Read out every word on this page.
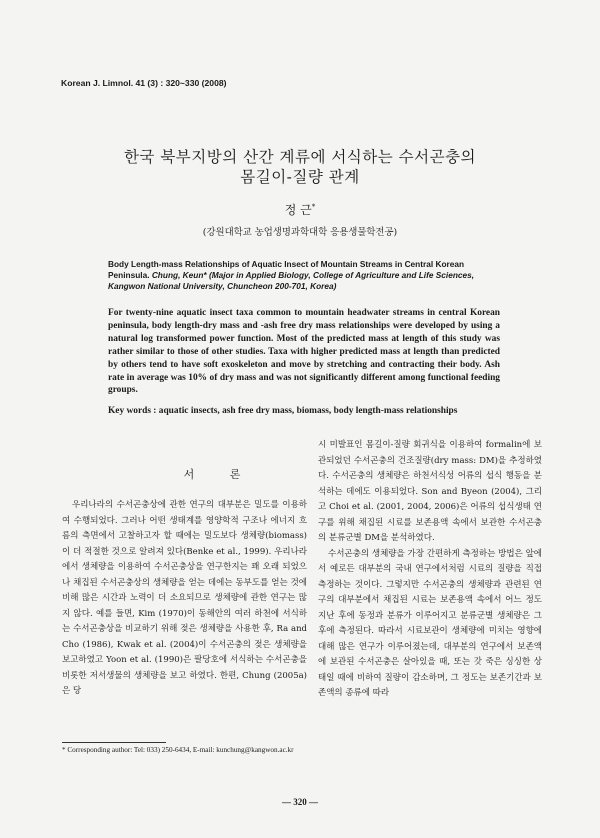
Korean J. Limnol. 41 (3) : 320~330 (2008)
한국 북부지방의 산간 계류에 서식하는 수서곤충의
몸길이-질량 관계
정 근*
(강원대학교 농업생명과학대학 응용생물학전공)
Body Length-mass Relationships of Aquatic Insect of Mountain Streams in Central Korean Peninsula. Chung, Keun* (Major in Applied Biology, College of Agriculture and Life Sciences, Kangwon National University, Chuncheon 200-701, Korea)
For twenty-nine aquatic insect taxa common to mountain headwater streams in central Korean peninsula, body length-dry mass and -ash free dry mass relationships were developed by using a natural log transformed power function. Most of the predicted mass at length of this study was rather similar to those of other studies. Taxa with higher predicted mass at length than predicted by others tend to have soft exoskeleton and move by stretching and contracting their body. Ash rate in average was 10% of dry mass and was not significantly different among functional feeding groups.
Key words : aquatic insects, ash free dry mass, biomass, body length-mass relationships
서 론
우리나라의 수서곤충상에 관한 연구의 대부분은 밀도를 이용하여 수행되었다. 그러나 어떤 생태계를 영양학적 구조나 에너지 흐름의 측면에서 고찰하고자 할 때에는 밀도보다 생체량(biomass)이 더 적절한 것으로 알려져 있다(Benke et al., 1999). 우리나라에서 생체량을 이용하여 수서곤충상을 연구한지는 꽤 오래 되었으나 채집된 수서곤충상의 생체량을 얻는 데에는 동부도를 얻는 것에 비해 많은 시간과 노력이 더 소요되므로 생체량에 관한 연구는 많지 않다. 예를 들면, Kim (1970)이 동해안의 여러 하천에 서식하는 수서곤충상을 비교하기 위해 젖은 생체량을 사용한 후, Ra and Cho (1986), Kwak et al. (2004)이 수서곤충의 젖은 생체량을 보고하였고 Yoon et al. (1990)은 팔당호에 서식하는 수서곤충을 비롯한 저서생물의 생체량을 보고 하였다. 한편, Chung (2005a)은 당

시 미발표인 몸길이-질량 회귀식을 이용하여 formalin에 보관되었던 수서곤충의 건조질량(dry mass: DM)을 추정하였다. 수서곤충의 생체량은 하천서식성 어류의 섭식 행동을 분석하는 데에도 이용되었다. Son and Byeon (2004), 그리고 Choi et al. (2001, 2004, 2006)은 어류의 섭식생태 연구를 위해 채집된 시료를 보존용액 속에서 보관한 수서곤충의 분류군별 DM을 분석하였다.

수서곤충의 생체량을 가장 간편하게 측정하는 방법은 앞에서 예로든 대부분의 국내 연구에서처럼 시료의 질량을 직접 측정하는 것이다. 그렇지만 수서곤충의 생체량과 관련된 연구의 대부분에서 채집된 시료는 보존용액 속에서 어느 정도 지난 후에 동정과 분류가 이루어지고 분류군별 생체량은 그 후에 측정된다. 따라서 시료보관이 생체량에 미치는 영향에 대해 많은 연구가 이루어졌는데, 대부분의 연구에서 보존액에 보관된 수서곤충은 살아있을 때, 또는 갓 죽은 싱싱한 상태일 때에 비하여 질량이 감소하며, 그 정도는 보존기간과 보존액의 종류에 따라

* Corresponding author: Tel: 033) 250-6434, E-mail: kunchung@kangwon.ac.kr
— 320 —
